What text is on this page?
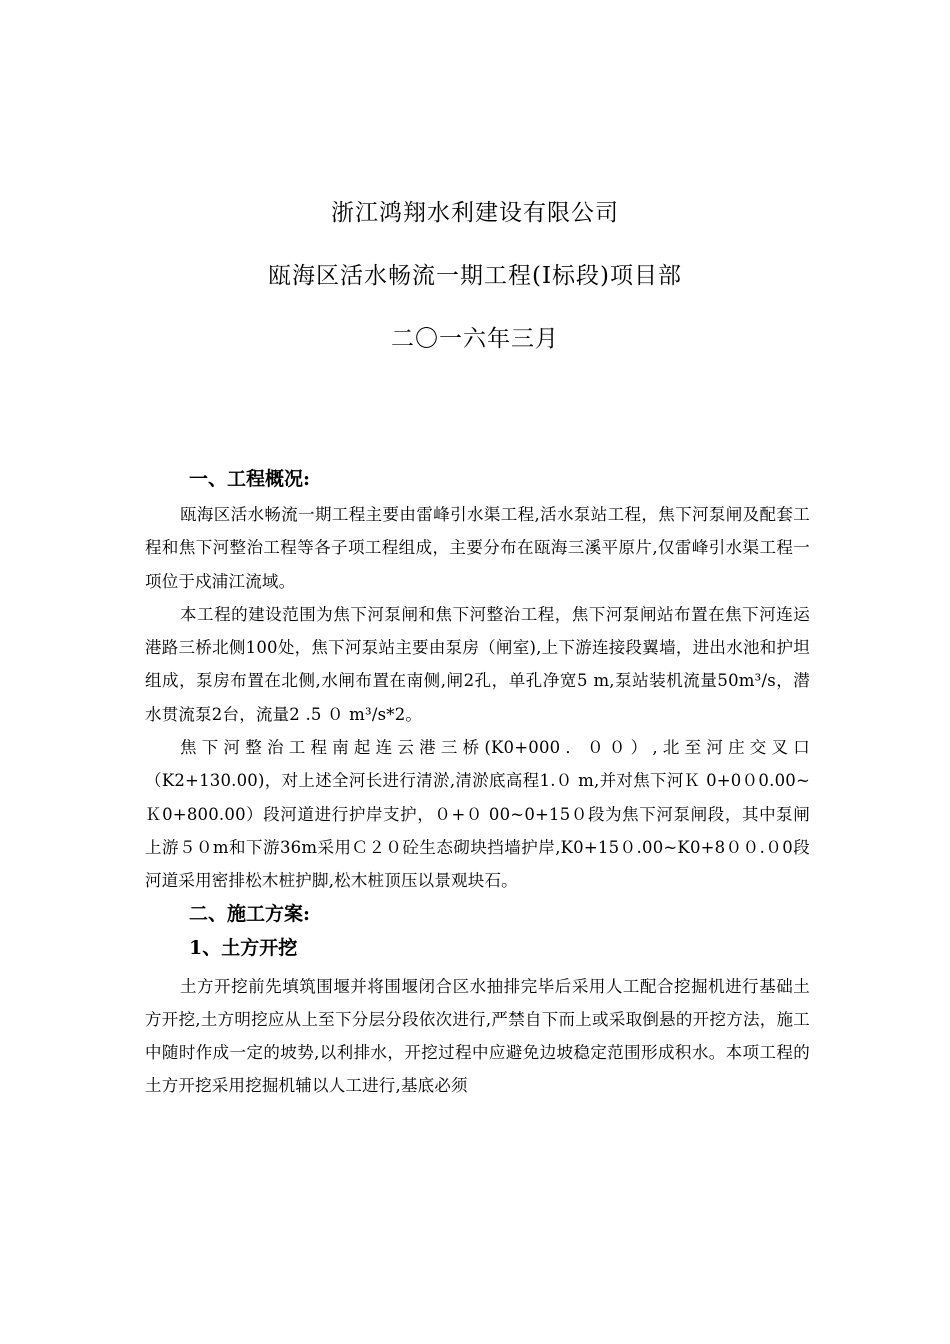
浙江鸿翔水利建设有限公司
瓯海区活水畅流一期工程(I标段)项目部
二〇一六年三月

一、工程概况:

瓯海区活水畅流一期工程主要由雷峰引水渠工程,活水泵站工程，焦下河泵闸及配套工程和焦下河整治工程等各子项工程组成，主要分布在瓯海三溪平原片,仅雷峰引水渠工程一项位于戍浦江流域。

本工程的建设范围为焦下河泵闸和焦下河整治工程，焦下河泵闸站布置在焦下河连运港路三桥北侧100处，焦下河泵站主要由泵房（闸室),上下游连接段翼墙，进出水池和护坦组成，泵房布置在北侧,水闸布置在南侧,闸2孔，单孔净宽5 m,泵站装机流量50m³/s，潜水贯流泵2台，流量2 .5 ０ m³/s*2。

焦下河整治工程南起连云港三桥(K0+000．００）,北至河庄交叉口（K2+130.00)，对上述全河长进行清淤,清淤底高程1.０ m,并对焦下河Ｋ 0+0０0.00~Ｋ0+800.00）段河道进行护岸支护，０+０ 00~0+15０段为焦下河泵闸段，其中泵闸上游５０m和下游36m采用Ｃ２０砼生态砌块挡墙护岸,K0+15０.00~K0+8００.０0段河道采用密排松木桩护脚,松木桩顶压以景观块石。

二、施工方案:

1、土方开挖

土方开挖前先填筑围堰并将围堰闭合区水抽排完毕后采用人工配合挖掘机进行基础土方开挖,土方明挖应从上至下分层分段依次进行,严禁自下而上或采取倒悬的开挖方法，施工中随时作成一定的坡势,以利排水，开挖过程中应避免边坡稳定范围形成积水。本项工程的土方开挖采用挖掘机辅以人工进行,基底必须
